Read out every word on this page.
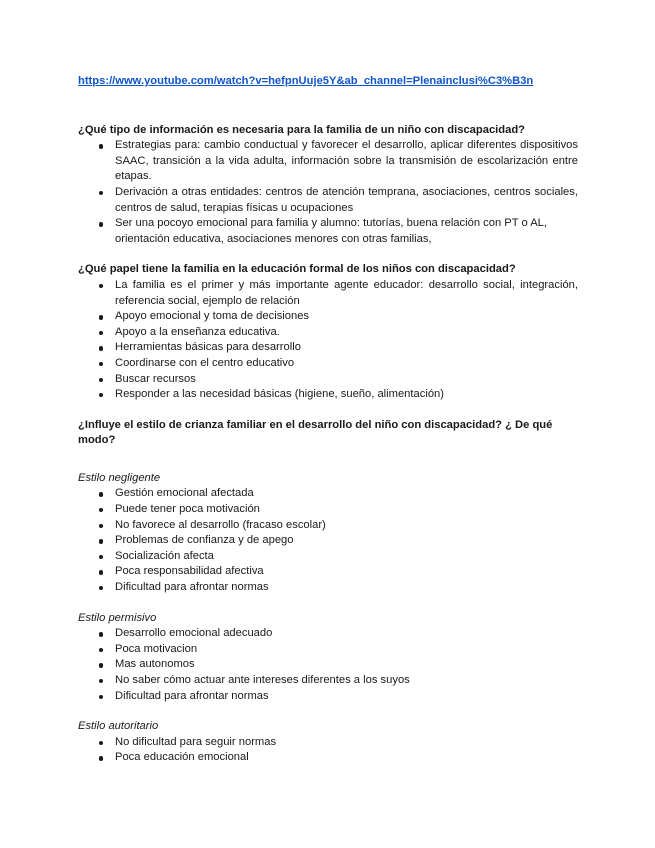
https://www.youtube.com/watch?v=hefpnUuje5Y&ab_channel=Plenainclusi%C3%B3n

¿Qué tipo de información es necesaria para la familia de un niño con discapacidad?

Estrategias para: cambio conductual y favorecer el desarrollo, aplicar diferentes dispositivos SAAC, transición a la vida adulta, información sobre la transmisión de escolarización entre etapas.
Derivación a otras entidades: centros de atención temprana, asociaciones, centros sociales, centros de salud, terapias físicas u ocupaciones
Ser una pocoyo emocional para familia y alumno: tutorías, buena relación con PT o AL, orientación educativa, asociaciones menores con otras familias,

¿Qué papel tiene la familia en la educación formal de los niños con discapacidad?

La familia es el primer y más importante agente educador: desarrollo social, integración, referencia social, ejemplo de relación
Apoyo emocional y toma de decisiones
Apoyo a la enseñanza educativa.
Herramientas básicas para desarrollo
Coordinarse con el centro educativo
Buscar recursos
Responder a las necesidad básicas (higiene, sueño, alimentación)

¿Influye el estilo de crianza familiar en el desarrollo del niño con discapacidad? ¿ De qué modo?

Estilo negligente

Gestión emocional afectada
Puede tener poca motivación
No favorece al desarrollo (fracaso escolar)
Problemas de confianza y de apego
Socialización afecta
Poca responsabilidad afectiva
Dificultad para afrontar normas

Estilo permisivo

Desarrollo emocional adecuado
Poca motivacion
Mas autonomos
No saber cómo actuar ante intereses diferentes a los suyos
Dificultad para afrontar normas

Estilo autoritario

No dificultad para seguir normas
Poca educación emocional
